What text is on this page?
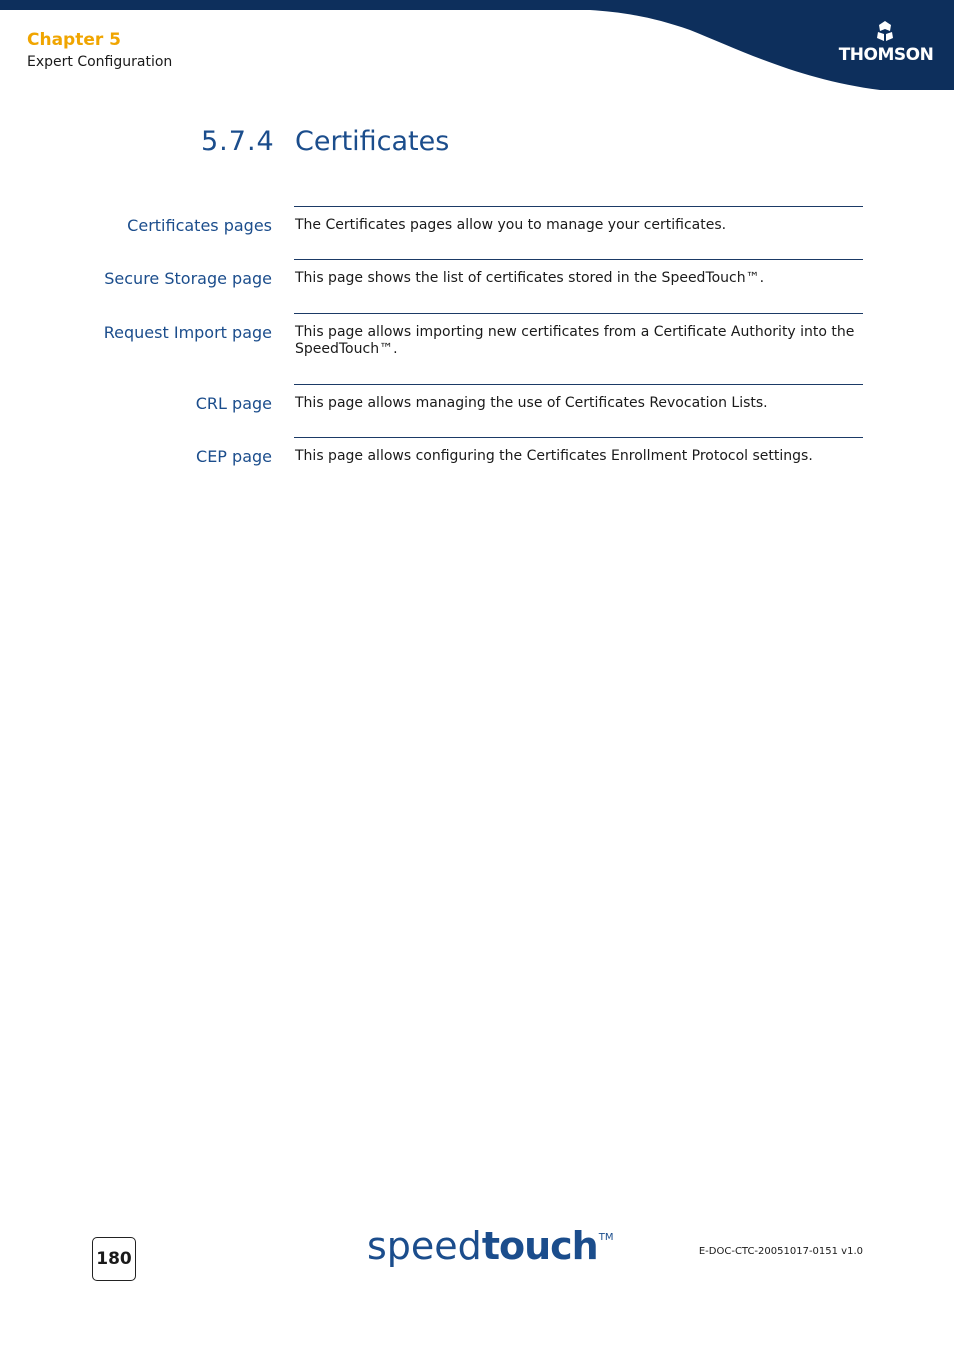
THOMSON
Chapter 5
Expert Configuration
5.7.4 Certificates
Certificates pages The Certificates pages allow you to manage your certificates.
Secure Storage page This page shows the list of certificates stored in the SpeedTouch™.
Request Import page This page allows importing new certificates from a Certificate Authority into the SpeedTouch™.
CRL page This page allows managing the use of Certificates Revocation Lists.
CEP page This page allows configuring the Certificates Enrollment Protocol settings.
180	speedtouch™
E-DOC-CTC-20051017-0151 v1.0
